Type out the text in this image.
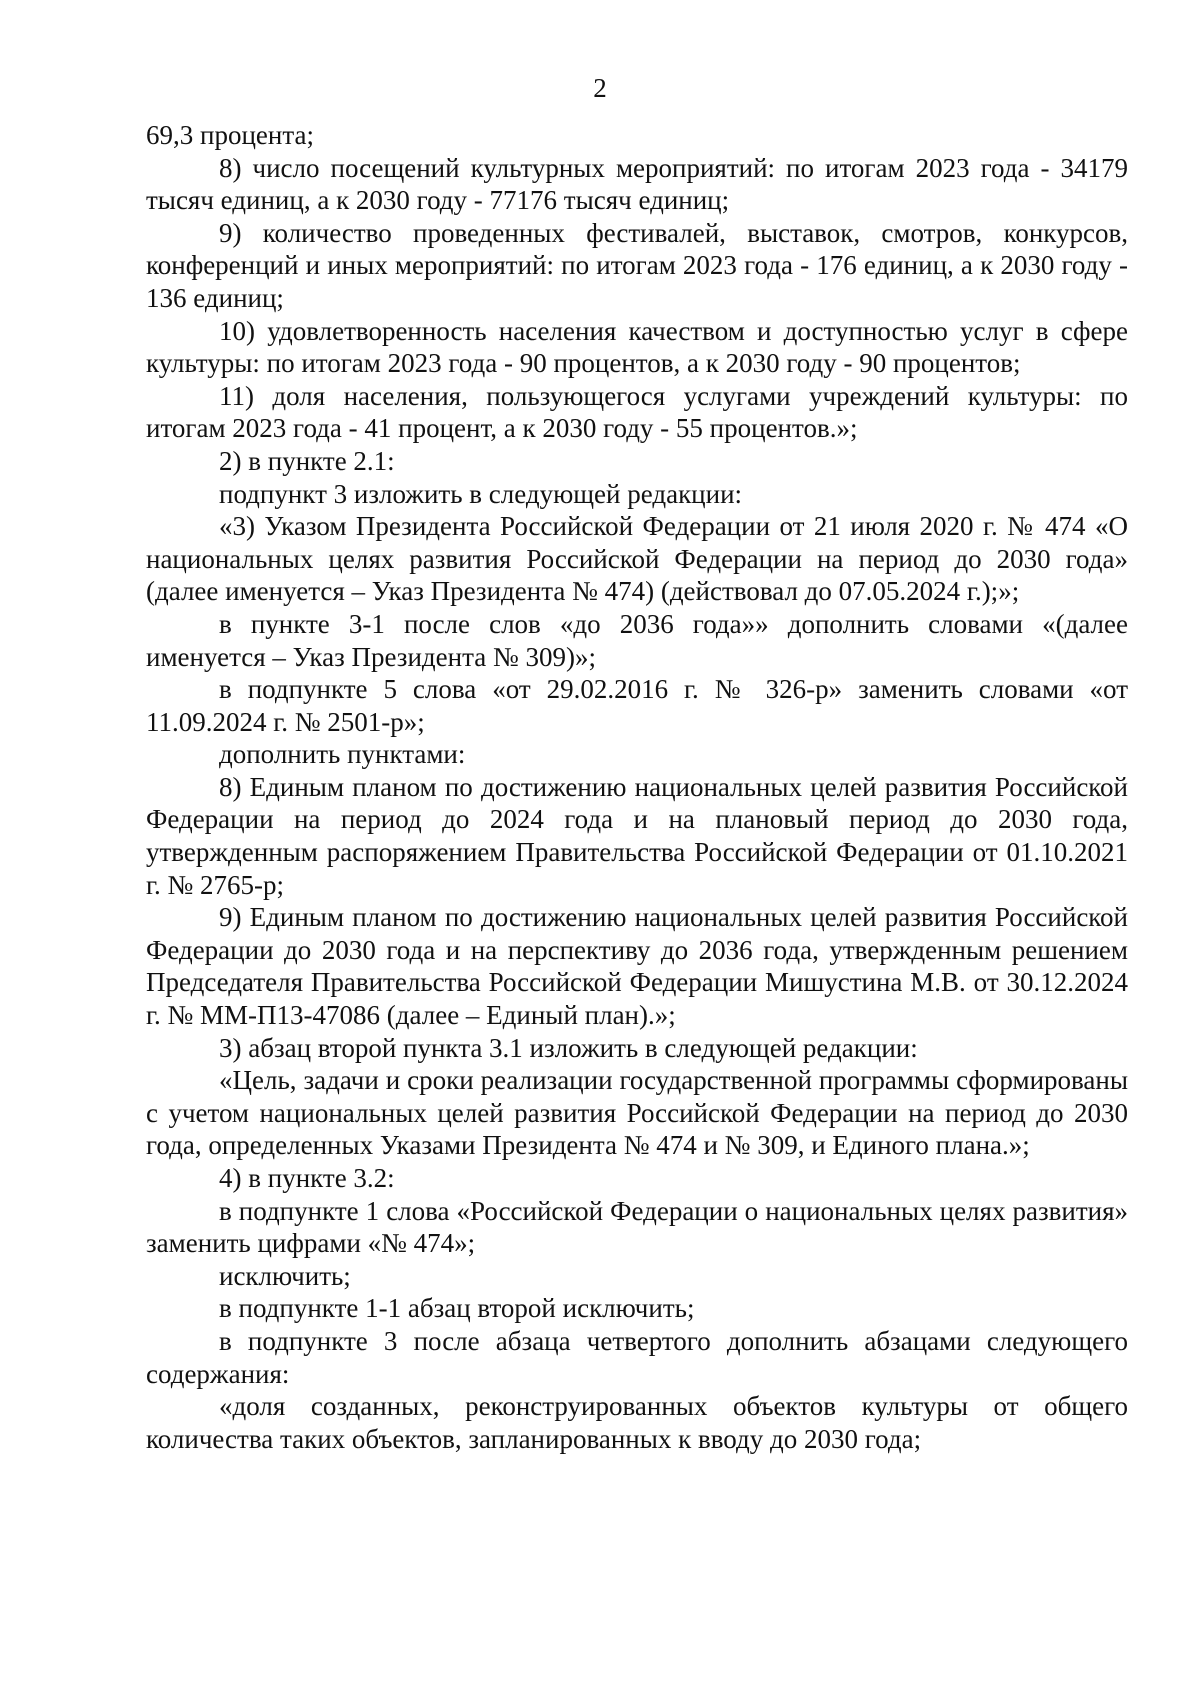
2

69,3 процента;

8) число посещений культурных мероприятий: по итогам 2023 года - 34179 тысяч единиц, а к 2030 году - 77176 тысяч единиц;

9) количество проведенных фестивалей, выставок, смотров, конкурсов, конференций и иных мероприятий: по итогам 2023 года - 176 единиц, а к 2030 году - 136 единиц;

10) удовлетворенность населения качеством и доступностью услуг в сфере культуры: по итогам 2023 года - 90 процентов, а к 2030 году - 90 процентов;

11) доля населения, пользующегося услугами учреждений культуры: по итогам 2023 года - 41 процент, а к 2030 году - 55 процентов.»;

2) в пункте 2.1:

подпункт 3 изложить в следующей редакции:

«3) Указом Президента Российской Федерации от 21 июля 2020 г. № 474 «О национальных целях развития Российской Федерации на период до 2030 года» (далее именуется – Указ Президента № 474) (действовал до 07.05.2024 г.);»;

в пункте 3-1 после слов «до 2036 года»» дополнить словами «(далее именуется – Указ Президента № 309)»;

в подпункте 5 слова «от 29.02.2016 г. № 326-р» заменить словами «от 11.09.2024 г. № 2501-р»;

дополнить пунктами:

8) Единым планом по достижению национальных целей развития Российской Федерации на период до 2024 года и на плановый период до 2030 года, утвержденным распоряжением Правительства Российской Федерации от 01.10.2021 г. № 2765-р;

9) Единым планом по достижению национальных целей развития Российской Федерации до 2030 года и на перспективу до 2036 года, утвержденным решением Председателя Правительства Российской Федерации Мишустина М.В. от 30.12.2024 г. № ММ-П13-47086 (далее – Единый план).»;

3) абзац второй пункта 3.1 изложить в следующей редакции:

«Цель, задачи и сроки реализации государственной программы сформированы с учетом национальных целей развития Российской Федерации на период до 2030 года, определенных Указами Президента № 474 и № 309, и Единого плана.»;

4) в пункте 3.2:

в подпункте 1 слова «Российской Федерации о национальных целях развития» заменить цифрами «№ 474»;

исключить;

в подпункте 1-1 абзац второй исключить;

в подпункте 3 после абзаца четвертого дополнить абзацами следующего содержания:

«доля созданных, реконструированных объектов культуры от общего количества таких объектов, запланированных к вводу до 2030 года;
